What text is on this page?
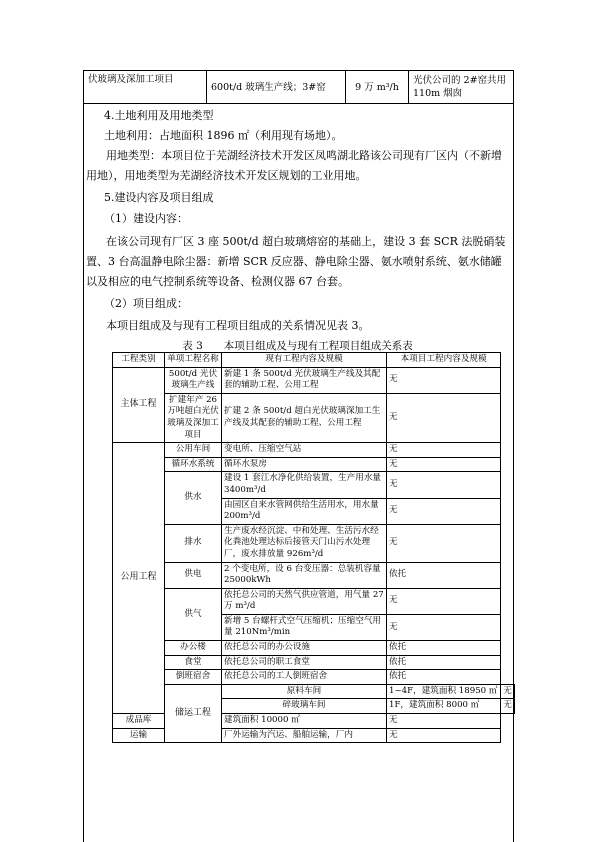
伏玻璃及深加工项目	600t/d 玻璃生产线；3#窑	9 万 m³/h	光伏公司的 2#窑共用 110m 烟囱
4.土地利用及用地类型
土地利用：占地面积 1896 ㎡（利用现有场地）。
用地类型：本项目位于芜湖经济技术开发区凤鸣湖北路该公司现有厂区内（不新增用地），用地类型为芜湖经济技术开发区规划的工业用地。
5.建设内容及项目组成
（1）建设内容：
在该公司现有厂区 3 座 500t/d 超白玻璃熔窑的基础上，建设 3 套 SCR 法脱硝装置、3 台高温静电除尘器：新增 SCR 反应器、静电除尘器、氨水喷射系统、氨水储罐以及相应的电气控制系统等设备、检测仪器 67 台套。
（2）项目组成：
本项目组成及与现有工程项目组成的关系情况见表 3。
表 3　　本项目组成及与现有工程项目组成关系表
工程类别	单项工程名称	现有工程内容及规模	本项目工程内容及规模	
主体工程	500t/d 光伏玻璃生产线	新建 1 条 500t/d 光伏玻璃生产线及其配套的辅助工程、公用工程	无	
	扩建年产 26 万吨超白光伏玻璃及深加工项目	扩建 2 条 500t/d 超白光伏玻璃深加工生产线及其配套的辅助工程、公用工程	无	
公用工程	公用车间	变电所、压缩空气站	无	
	循环水系统	循环水泵房	无	
	供水	建设 1 套江水净化供给装置，生产用水量 3400m³/d	无	
		由园区自来水管网供给生活用水，用水量 200m³/d	无	
	排水	生产废水经沉淀、中和处理、生活污水经化粪池处理达标后接管天门山污水处理厂，废水排放量 926m³/d	无	
	供电	2 个变电所，设 6 台变压器：总装机容量 25000kWh	依托	
	供气	依托总公司的天然气供应管道，用气量 27 万 m³/d	无	
		新增 5 台螺杆式空气压缩机；压缩空气用量 210Nm³/min	无	
	办公楼	依托总公司的办公设施	依托	
	食堂	依托总公司的职工食堂	依托	
	倒班宿舍	依托总公司的工人倒班宿舍	依托	
	储运工程	原料车间	1~4F，建筑面积 18950 ㎡	无
		碎玻璃车间	1F，建筑面积 8000 ㎡	无
成品库		建筑面积 10000 ㎡	无	
运输		厂外运输为汽运、船舶运输，厂内	无	
